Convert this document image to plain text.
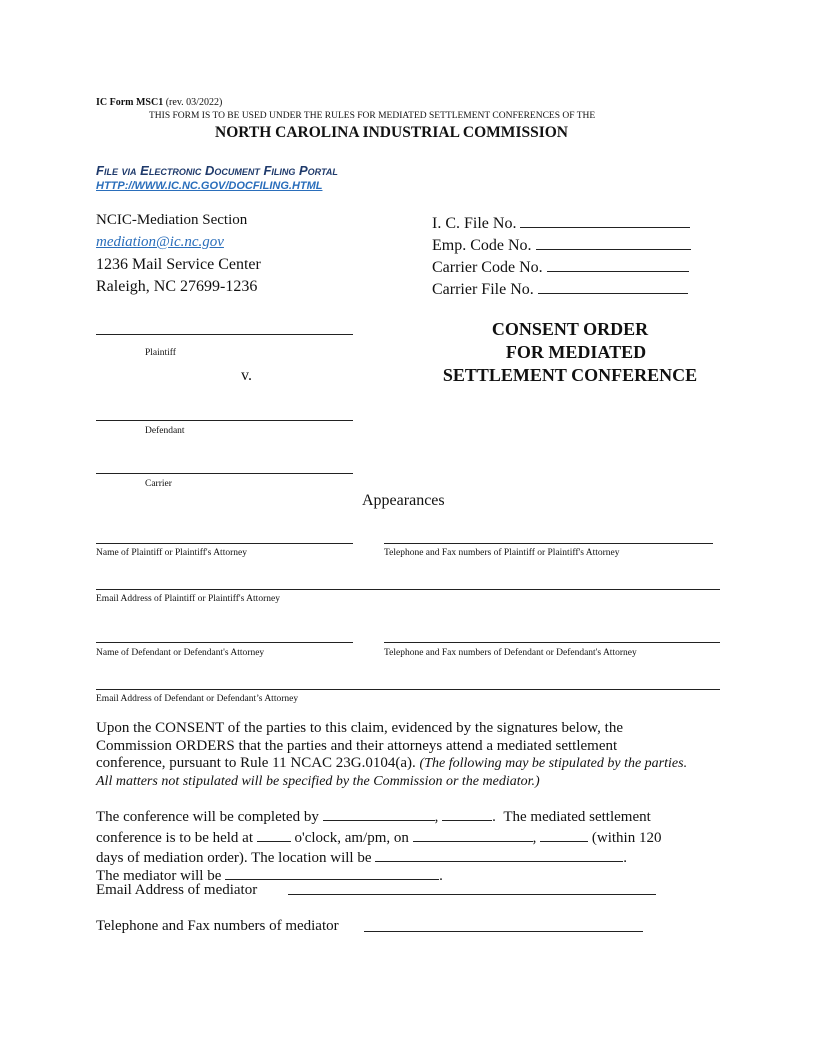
IC Form MSC1 (rev. 03/2022)
THIS FORM IS TO BE USED UNDER THE RULES FOR MEDIATED SETTLEMENT CONFERENCES OF THE
NORTH CAROLINA INDUSTRIAL COMMISSION
File via Electronic Document Filing Portal
HTTP://WWW.IC.NC.GOV/DOCFILING.HTML
NCIC-Mediation Section
mediation@ic.nc.gov
1236 Mail Service Center
Raleigh, NC 27699-1236
I. C. File No.
Emp. Code No.
Carrier Code No.
Carrier File No.
Plaintiff
v.
Defendant
Carrier
CONSENT ORDER
FOR MEDIATED
SETTLEMENT CONFERENCE
Appearances
Name of Plaintiff or Plaintiff's Attorney	Telephone and Fax numbers of Plaintiff or Plaintiff's Attorney
Email Address of Plaintiff or Plaintiff's Attorney
Name of Defendant or Defendant's Attorney	Telephone and Fax numbers of Defendant or Defendant's Attorney
Email Address of Defendant or Defendant’s Attorney
Upon the CONSENT of the parties to this claim, evidenced by the signatures below, the
Commission ORDERS that the parties and their attorneys attend a mediated settlement
conference, pursuant to Rule 11 NCAC 23G.0104(a). (The following may be stipulated by the parties.
All matters not stipulated will be specified by the Commission or the mediator.)
The conference will be completed by	,	.  The mediated settlement
conference is to be held at	o'clock, am/pm, on	,	(within 120
days of mediation order). The location will be	.
The mediator will be	.
Email Address of mediator
Telephone and Fax numbers of mediator
